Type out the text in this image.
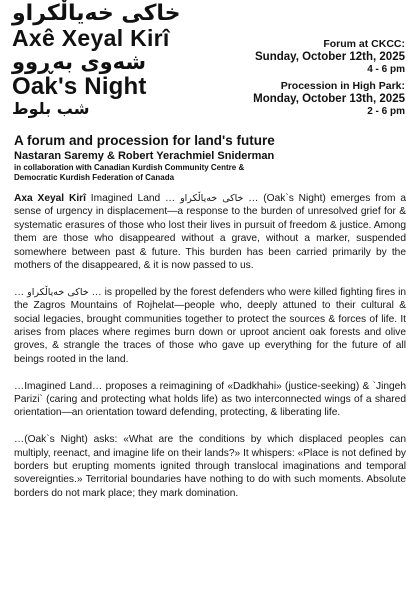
خاکی خەیاڵکراو
Axê Xeyal Kirî
شەوی بەڕوو
Oak's Night
شب بلوط
Forum at CKCC:
Sunday, October 12th, 2025
4 - 6 pm
Procession in High Park:
Monday, October 13th, 2025
2 - 6 pm
A forum and procession for land's future
Nastaran Saremy & Robert Yerachmiel Sniderman
in collaboration with Canadian Kurdish Community Centre &
Democratic Kurdish Federation of Canada

Axa Xeyal Kirî Imagined Land … خاکی خەیاڵکراو … (Oak`s Night) emerges from a sense of urgency in displacement—a response to the burden of unresolved grief for & systematic erasures of those who lost their lives in pursuit of freedom & justice. Among them are those who disappeared without a grave, without a marker, suspended somewhere between past & future. This burden has been carried primarily by the mothers of the disappeared, & it is now passed to us.

… خاکی خەیاڵکراو … is propelled by the forest defenders who were killed fighting fires in the Zagros Mountains of Rojhelat—people who, deeply attuned to their cultural & social legacies, brought communities together to protect the sources & forces of life. It arises from places where regimes burn down or uproot ancient oak forests and olive groves, & strangle the traces of those who gave up everything for the future of all beings rooted in the land.

…Imagined Land… proposes a reimagining of «Dadkhahi» (justice-seeking) & `Jingeh Parizi` (caring and protecting what holds life) as two interconnected wings of a shared orientation—an orientation toward defending, protecting, & liberating life.

…(Oak`s Night) asks: «What are the conditions by which displaced peoples can multiply, reenact, and imagine life on their lands?» It whispers: «Place is not defined by borders but erupting moments ignited through translocal imaginations and temporal sovereignties.» Territorial boundaries have nothing to do with such moments. Absolute borders do not mark place; they mark domination.
